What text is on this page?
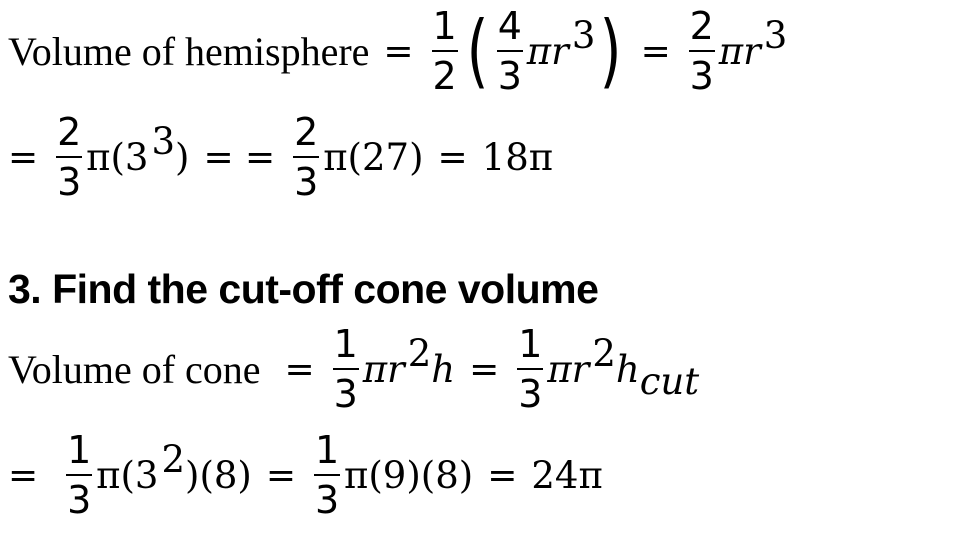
Volume of hemisphere = $\frac{1}{2}$ ( $\frac{4}{3} \pi r^3$ ) = $\frac{2}{3} \pi r^3$
= $\frac{2}{3} \pi(3^3$ ) = = $\frac{2}{3} \pi(27) = 18\pi$
3. Find the cut-off cone volume
Volume of cone = $\frac{1}{3} \pi r^2$ $h = \frac{1}{3} \pi r^2$ $h_{cut}$
= $\frac{1}{3} \pi(3^2$ )$(8) = \frac{1}{3} \pi(9)(8) = 24\pi$
